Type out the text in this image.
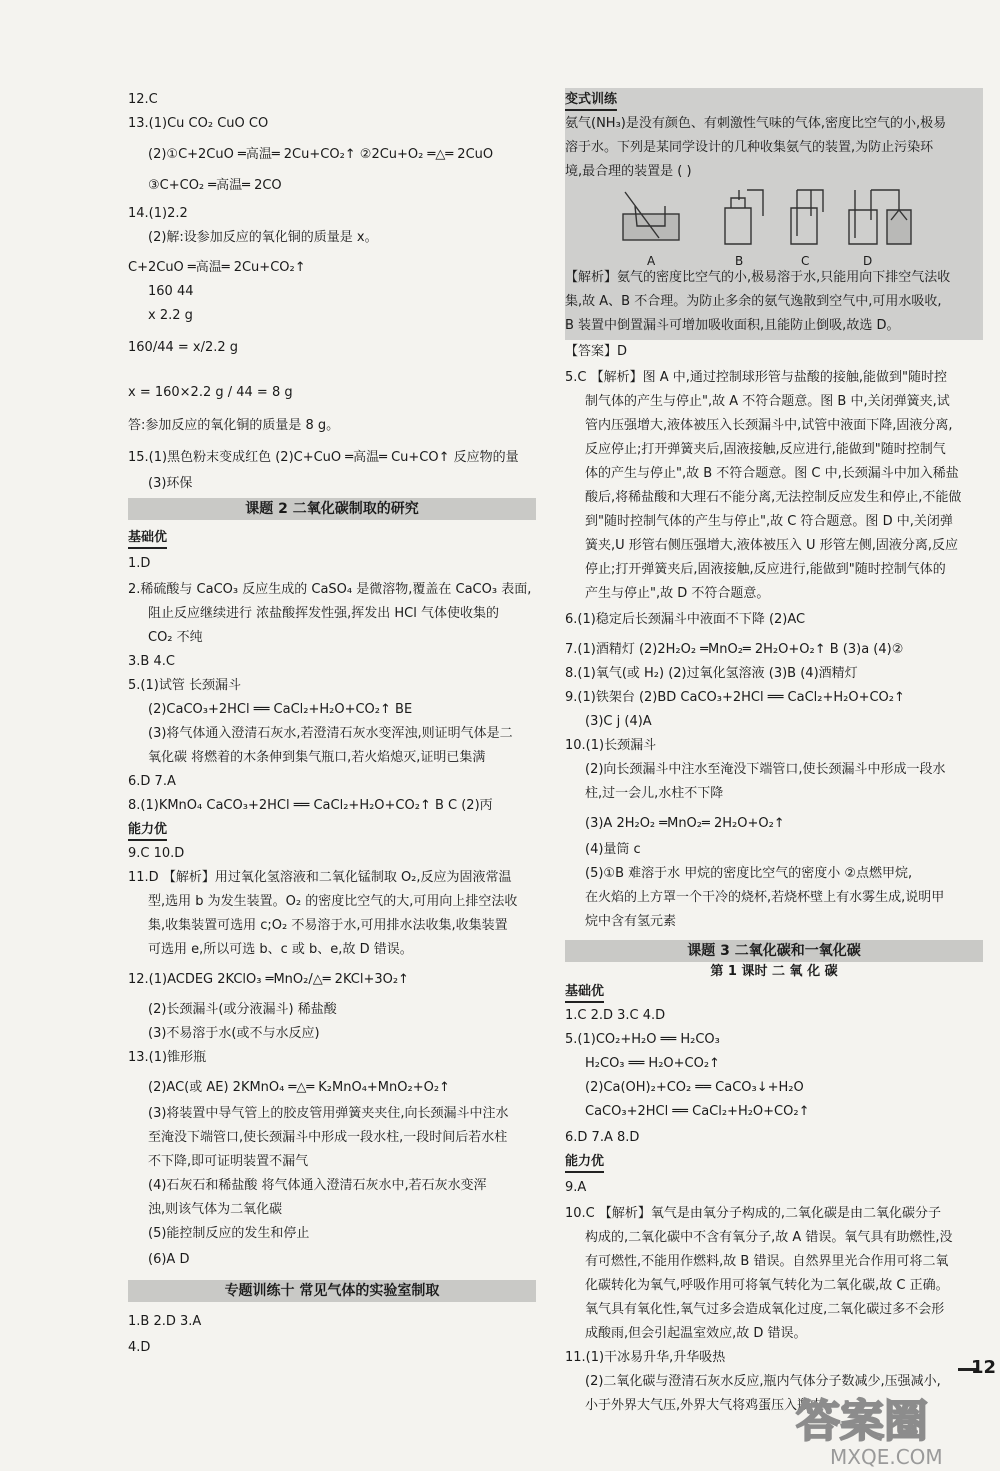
12.C
13.(1)Cu CO₂ CuO CO
(2)①C+2CuO ═高温═ 2Cu+CO₂↑ ②2Cu+O₂ ═△═ 2CuO
③C+CO₂ ═高温═ 2CO
14.(1)2.2
(2)解:设参加反应的氧化铜的质量是 x。
C+2CuO ═高温═ 2Cu+CO₂↑
160 44
x 2.2 g
160/44 = x/2.2 g
x = 160×2.2 g / 44 = 8 g
答:参加反应的氧化铜的质量是 8 g。
15.(1)黑色粉末变成红色 (2)C+CuO ═高温═ Cu+CO↑ 反应物的量
(3)环保
课题 2 二氧化碳制取的研究
基础优
1.D
2.稀硫酸与 CaCO₃ 反应生成的 CaSO₄ 是微溶物,覆盖在 CaCO₃ 表面,
阻止反应继续进行 浓盐酸挥发性强,挥发出 HCl 气体使收集的
CO₂ 不纯
3.B 4.C
5.(1)试管 长颈漏斗
(2)CaCO₃+2HCl ══ CaCl₂+H₂O+CO₂↑ BE
(3)将气体通入澄清石灰水,若澄清石灰水变浑浊,则证明气体是二
氧化碳 将燃着的木条伸到集气瓶口,若火焰熄灭,证明已集满
6.D 7.A
8.(1)KMnO₄ CaCO₃+2HCl ══ CaCl₂+H₂O+CO₂↑ B C (2)丙
能力优
9.C 10.D
11.D 【解析】用过氧化氢溶液和二氧化锰制取 O₂,反应为固液常温
型,选用 b 为发生装置。O₂ 的密度比空气的大,可用向上排空法收
集,收集装置可选用 c;O₂ 不易溶于水,可用排水法收集,收集装置
可选用 e,所以可选 b、c 或 b、e,故 D 错误。
12.(1)ACDEG 2KClO₃ ═MnO₂/△═ 2KCl+3O₂↑
(2)长颈漏斗(或分液漏斗) 稀盐酸
(3)不易溶于水(或不与水反应)
13.(1)锥形瓶
(2)AC(或 AE) 2KMnO₄ ═△═ K₂MnO₄+MnO₂+O₂↑
(3)将装置中导气管上的胶皮管用弹簧夹夹住,向长颈漏斗中注水
至淹没下端管口,使长颈漏斗中形成一段水柱,一段时间后若水柱
不下降,即可证明装置不漏气
(4)石灰石和稀盐酸 将气体通入澄清石灰水中,若石灰水变浑
浊,则该气体为二氧化碳
(5)能控制反应的发生和停止
(6)A D
专题训练十 常见气体的实验室制取
1.B 2.D 3.A
4.D
变式训练
氨气(NH₃)是没有颜色、有刺激性气味的气体,密度比空气的小,极易
溶于水。下列是某同学设计的几种收集氨气的装置,为防止污染环
境,最合理的装置是 ( )
A	B	C	D
【解析】氨气的密度比空气的小,极易溶于水,只能用向下排空气法收
集,故 A、B 不合理。为防止多余的氨气逸散到空气中,可用水吸收,
B 装置中倒置漏斗可增加吸收面积,且能防止倒吸,故选 D。
【答案】D
5.C 【解析】图 A 中,通过控制球形管与盐酸的接触,能做到"随时控
制气体的产生与停止",故 A 不符合题意。图 B 中,关闭弹簧夹,试
管内压强增大,液体被压入长颈漏斗中,试管中液面下降,固液分离,
反应停止;打开弹簧夹后,固液接触,反应进行,能做到"随时控制气
体的产生与停止",故 B 不符合题意。图 C 中,长颈漏斗中加入稀盐
酸后,将稀盐酸和大理石不能分离,无法控制反应发生和停止,不能做
到"随时控制气体的产生与停止",故 C 符合题意。图 D 中,关闭弹
簧夹,U 形管右侧压强增大,液体被压入 U 形管左侧,固液分离,反应
停止;打开弹簧夹后,固液接触,反应进行,能做到"随时控制气体的
产生与停止",故 D 不符合题意。
6.(1)稳定后长颈漏斗中液面不下降 (2)AC
7.(1)酒精灯 (2)2H₂O₂ ═MnO₂═ 2H₂O+O₂↑ B (3)a (4)②
8.(1)氧气(或 H₂) (2)过氧化氢溶液 (3)B (4)酒精灯
9.(1)铁架台 (2)BD CaCO₃+2HCl ══ CaCl₂+H₂O+CO₂↑
(3)C j (4)A
10.(1)长颈漏斗
(2)向长颈漏斗中注水至淹没下端管口,使长颈漏斗中形成一段水
柱,过一会儿,水柱不下降
(3)A 2H₂O₂ ═MnO₂═ 2H₂O+O₂↑
(4)量筒 c
(5)①B 难溶于水 甲烷的密度比空气的密度小 ②点燃甲烷,
在火焰的上方罩一个干冷的烧杯,若烧杯壁上有水雾生成,说明甲
烷中含有氢元素
课题 3 二氧化碳和一氧化碳
第 1 课时 二 氧 化 碳
基础优
1.C 2.D 3.C 4.D
5.(1)CO₂+H₂O ══ H₂CO₃
H₂CO₃ ══ H₂O+CO₂↑
(2)Ca(OH)₂+CO₂ ══ CaCO₃↓+H₂O
CaCO₃+2HCl ══ CaCl₂+H₂O+CO₂↑
6.D 7.A 8.D
能力优
9.A
10.C 【解析】氧气是由氧分子构成的,二氧化碳是由二氧化碳分子
构成的,二氧化碳中不含有氧分子,故 A 错误。氧气具有助燃性,没
有可燃性,不能用作燃料,故 B 错误。自然界里光合作用可将二氧
化碳转化为氧气,呼吸作用可将氧气转化为二氧化碳,故 C 正确。
氧气具有氧化性,氧气过多会造成氧化过度,二氧化碳过多不会形
成酸雨,但会引起温室效应,故 D 错误。
11.(1)干冰易升华,升华吸热
(2)二氧化碳与澄清石灰水反应,瓶内气体分子数减少,压强减小,
小于外界大气压,外界大气将鸡蛋压入瓶中
12
答案圈
MXQE.COM
